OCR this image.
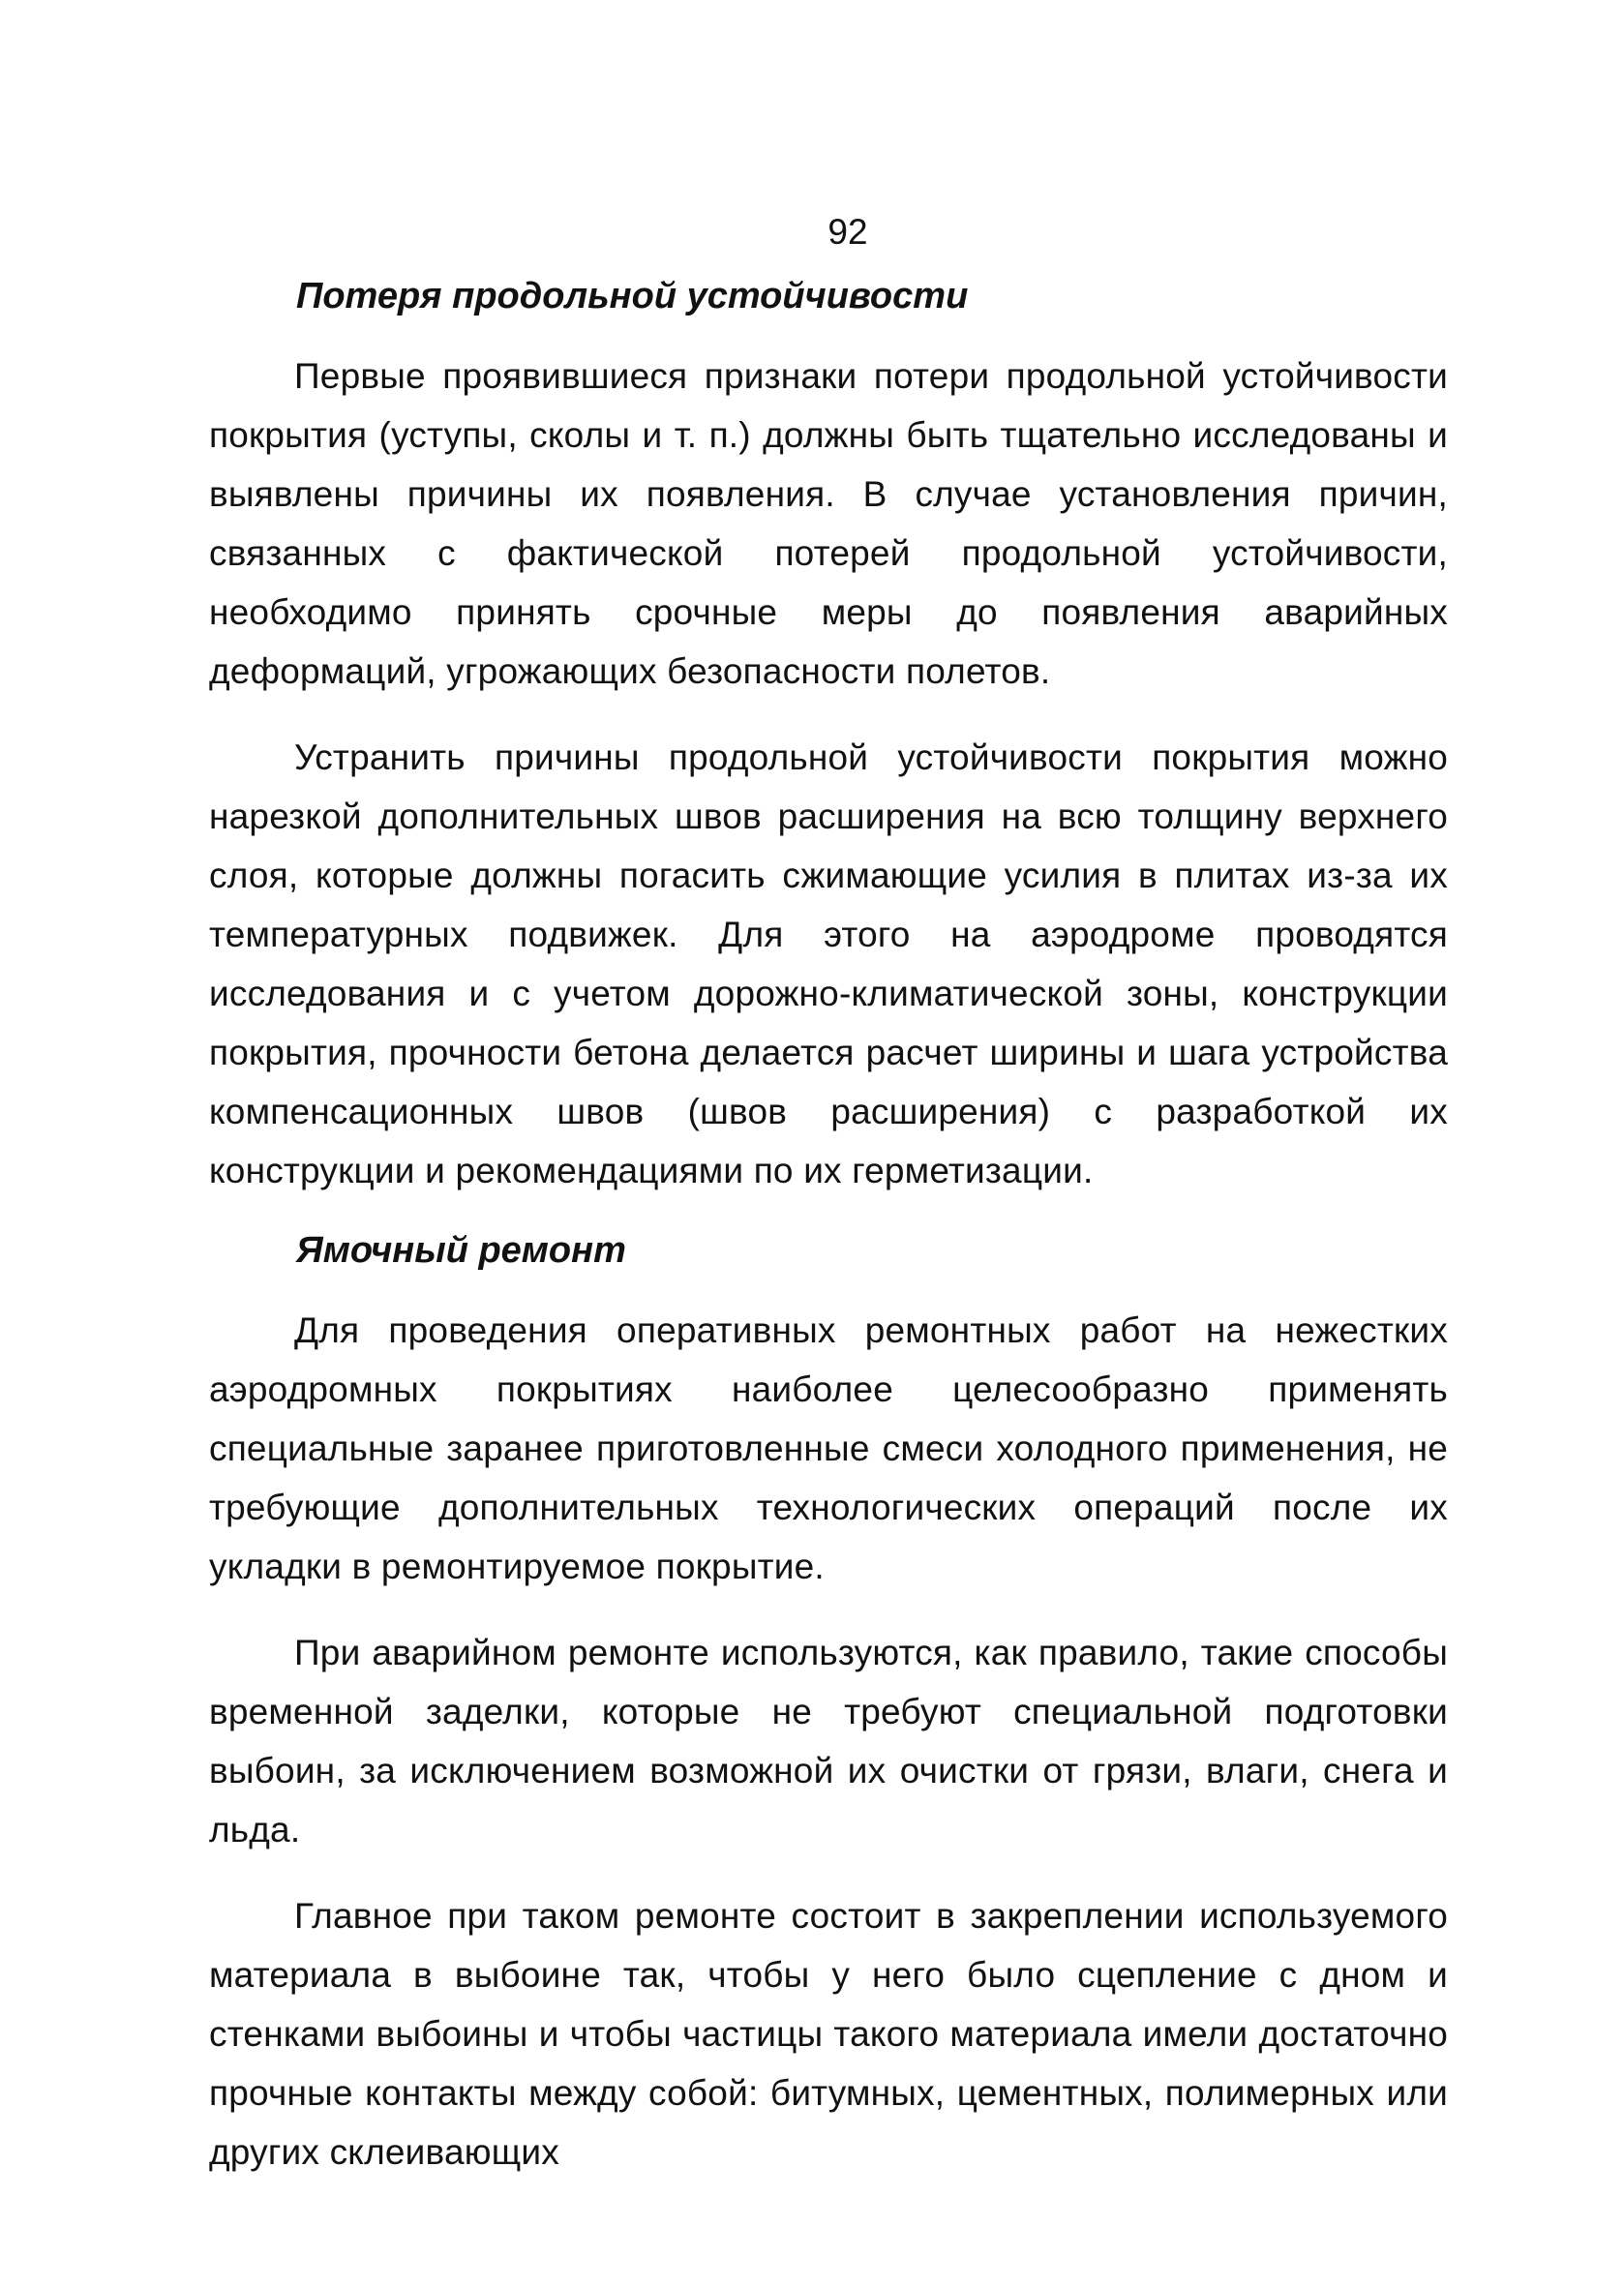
92
Потеря продольной устойчивости

Первые проявившиеся признаки потери продольной устойчивости покрытия (уступы, сколы и т. п.) должны быть тщательно исследованы и выявлены причины их появления. В случае установления причин, связанных с фактической потерей продольной устойчивости, необходимо принять срочные меры до появления аварийных деформаций, угрожающих безопасности полетов.

Устранить причины продольной устойчивости покрытия можно нарезкой дополнительных швов расширения на всю толщину верхнего слоя, которые должны погасить сжимающие усилия в плитах из-за их температурных подвижек. Для этого на аэродроме проводятся исследования и с учетом дорожно-климатической зоны, конструкции покрытия, прочности бетона делается расчет ширины и шага устройства компенсационных швов (швов расширения) с разработкой их конструкции и рекомендациями по их герметизации.

Ямочный ремонт

Для проведения оперативных ремонтных работ на нежестких аэродромных покрытиях наиболее целесообразно применять специальные заранее приготовленные смеси холодного применения, не требующие дополнительных технологических операций после их укладки в ремонтируемое покрытие.

При аварийном ремонте используются, как правило, такие способы временной заделки, которые не требуют специальной подготовки выбоин, за исключением возможной их очистки от грязи, влаги, снега и льда.

Главное при таком ремонте состоит в закреплении используемого материала в выбоине так, чтобы у него было сцепление с дном и стенками выбоины и чтобы частицы такого материала имели достаточно прочные контакты между собой: битумных, цементных, полимерных или других склеивающих
